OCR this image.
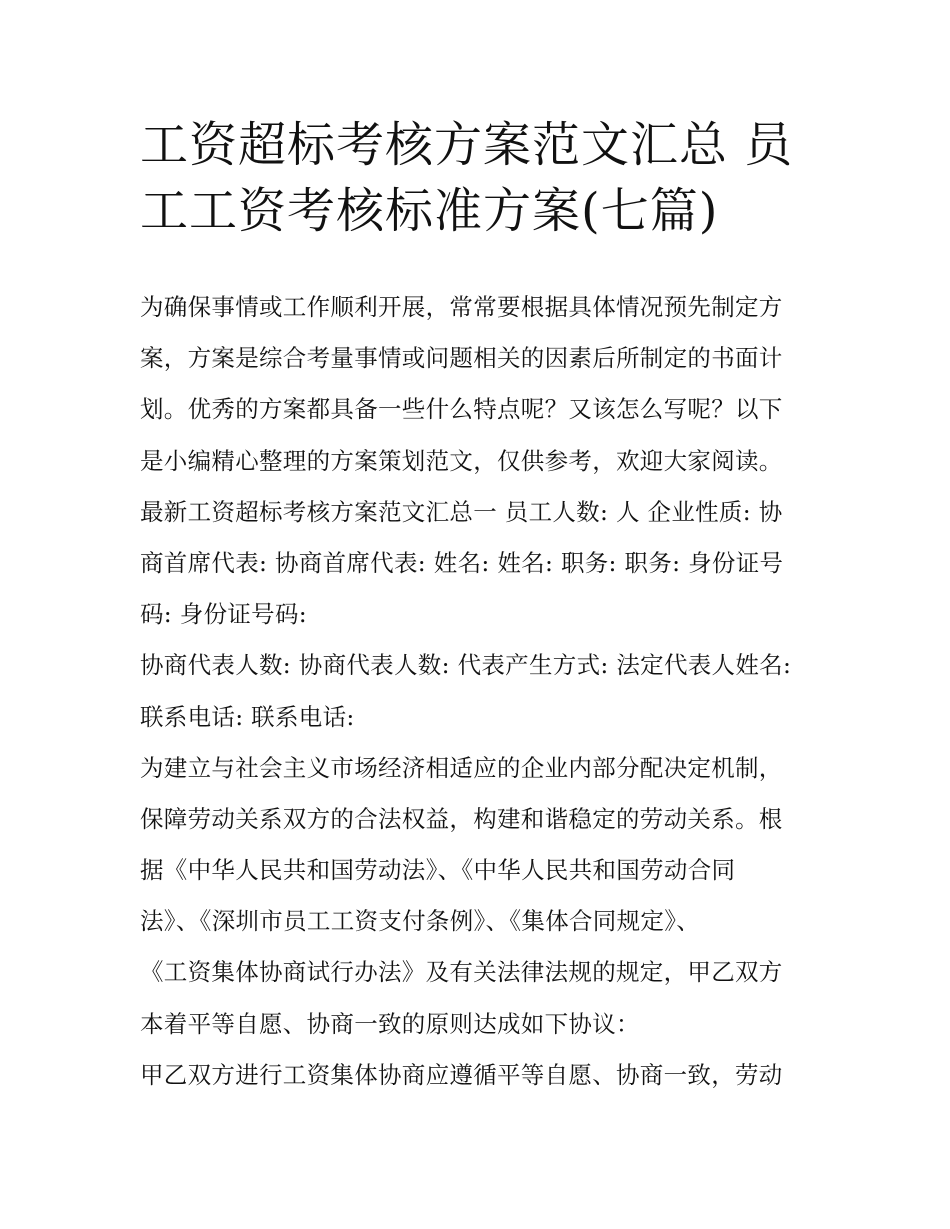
工资超标考核方案范文汇总 员
工工资考核标准方案(七篇)
为确保事情或工作顺利开展，常常要根据具体情况预先制定方
案，方案是综合考量事情或问题相关的因素后所制定的书面计
划。优秀的方案都具备一些什么特点呢？又该怎么写呢？以下
是小编精心整理的方案策划范文，仅供参考，欢迎大家阅读。
最新工资超标考核方案范文汇总一 员工人数: 人 企业性质: 协
商首席代表: 协商首席代表: 姓名: 姓名: 职务: 职务: 身份证号
码: 身份证号码:
协商代表人数: 协商代表人数: 代表产生方式: 法定代表人姓名:
联系电话: 联系电话:
为建立与社会主义市场经济相适应的企业内部分配决定机制，
保障劳动关系双方的合法权益，构建和谐稳定的劳动关系。根
据《中华人民共和国劳动法》、《中华人民共和国劳动合同
法》、《深圳市员工工资支付条例》、《集体合同规定》、
《工资集体协商试行办法》及有关法律法规的规定，甲乙双方
本着平等自愿、协商一致的原则达成如下协议：
甲乙双方进行工资集体协商应遵循平等自愿、协商一致，劳动
